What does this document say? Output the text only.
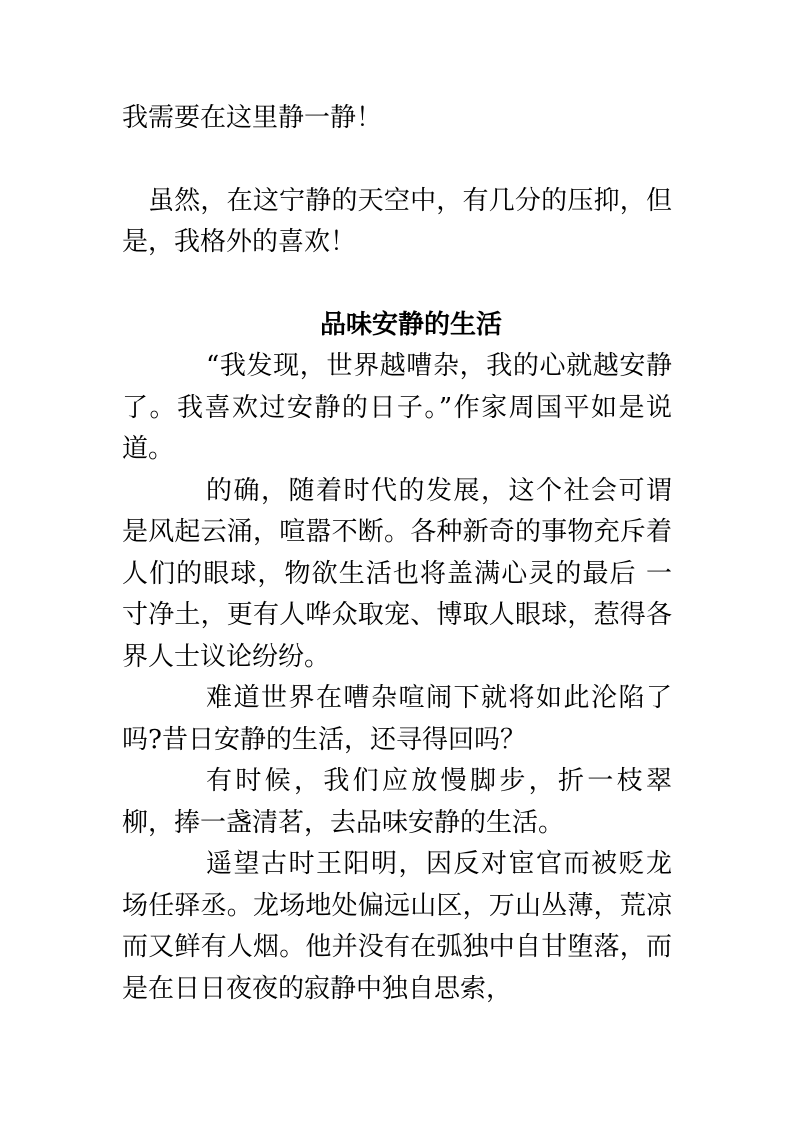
我需要在这里静一静！

虽然，在这宁静的天空中，有几分的压抑，但是，我格外的喜欢！

品味安静的生活

“我发现，世界越嘈杂，我的心就越安静了。我喜欢过安静的日子。”作家周国平如是说道。

的确，随着时代的发展，这个社会可谓是风起云涌，喧嚣不断。各种新奇的事物充斥着人们的眼球，物欲生活也将盖满心灵的最后 一寸净土，更有人哗众取宠、博取人眼球，惹得各界人士议论纷纷。

难道世界在嘈杂喧闹下就将如此沦陷了吗?昔日安静的生活，还寻得回吗？

有时候，我们应放慢脚步，折一枝翠柳，捧一盏清茗，去品味安静的生活。

遥望古时王阳明，因反对宦官而被贬龙场任驿丞。龙场地处偏远山区，万山丛薄，荒凉而又鲜有人烟。他并没有在弧独中自甘堕落，而是在日日夜夜的寂静中独自思索，
